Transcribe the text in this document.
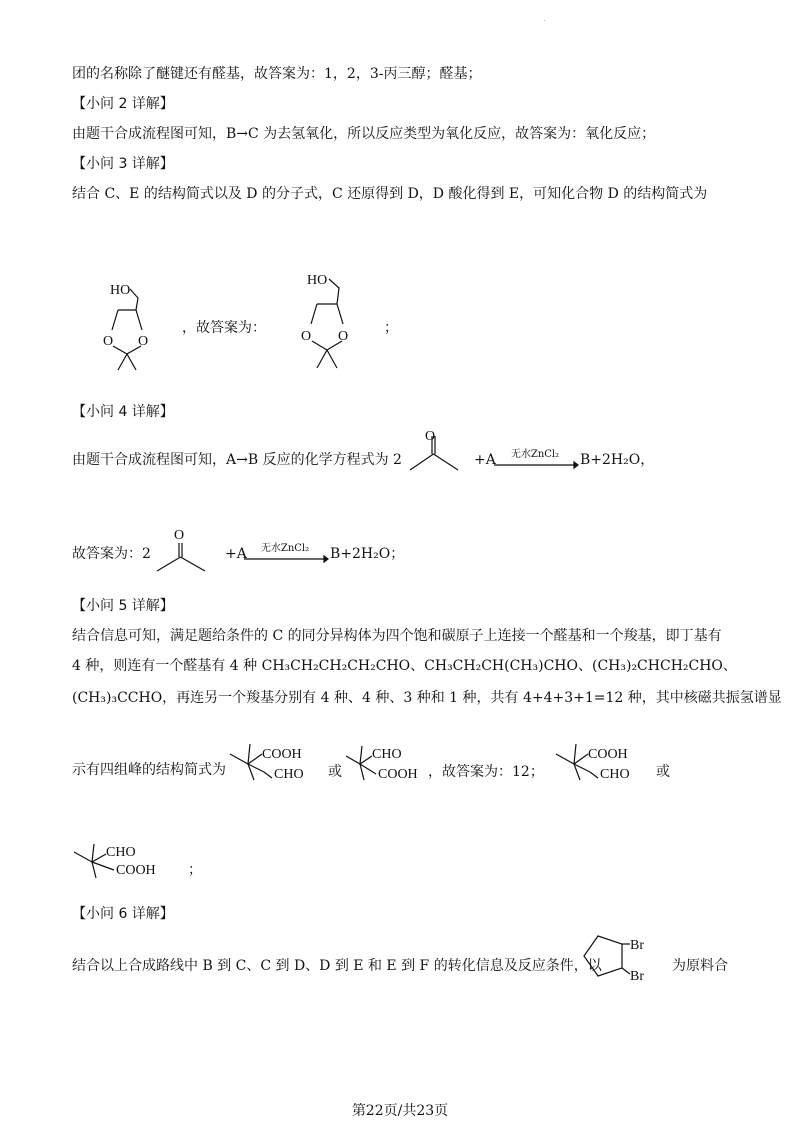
.
团的名称除了醚键还有醛基，故答案为：1，2，3-丙三醇；醛基；
【小问 2 详解】
由题干合成流程图可知，B→C 为去氢氧化，所以反应类型为氧化反应，故答案为：氧化反应；
【小问 3 详解】
结合 C、E 的结构简式以及 D 的分子式，C 还原得到 D，D 酸化得到 E，可知化合物 D 的结构简式为
HO
O O
，故答案为：
HO
O O
；
【小问 4 详解】
由题干合成流程图可知，A→B 反应的化学方程式为 2
O
+A	无水ZnCl₂	B+2H₂O，
故答案为：2
O
+A	无水ZnCl₂	B+2H₂O；
【小问 5 详解】
结合信息可知，满足题给条件的 C 的同分异构体为四个饱和碳原子上连接一个醛基和一个羧基，即丁基有
4 种，则连有一个醛基有 4 种 CH₃CH₂CH₂CH₂CHO、CH₃CH₂CH(CH₃)CHO、(CH₃)₂CHCH₂CHO、
(CH₃)₃CCHO，再连另一个羧基分别有 4 种、4 种、3 种和 1 种，共有 4+4+3+1=12 种，其中核磁共振氢谱显
示有四组峰的结构简式为
COOH
CHO 或
CHO
COOH ，故答案为：12；
COOH
CHO 或
CHO
COOH ；
【小问 6 详解】
结合以上合成路线中 B 到 C、C 到 D、D 到 E 和 E 到 F 的转化信息及反应条件，以
Br
Br
为原料合
第22页/共23页
